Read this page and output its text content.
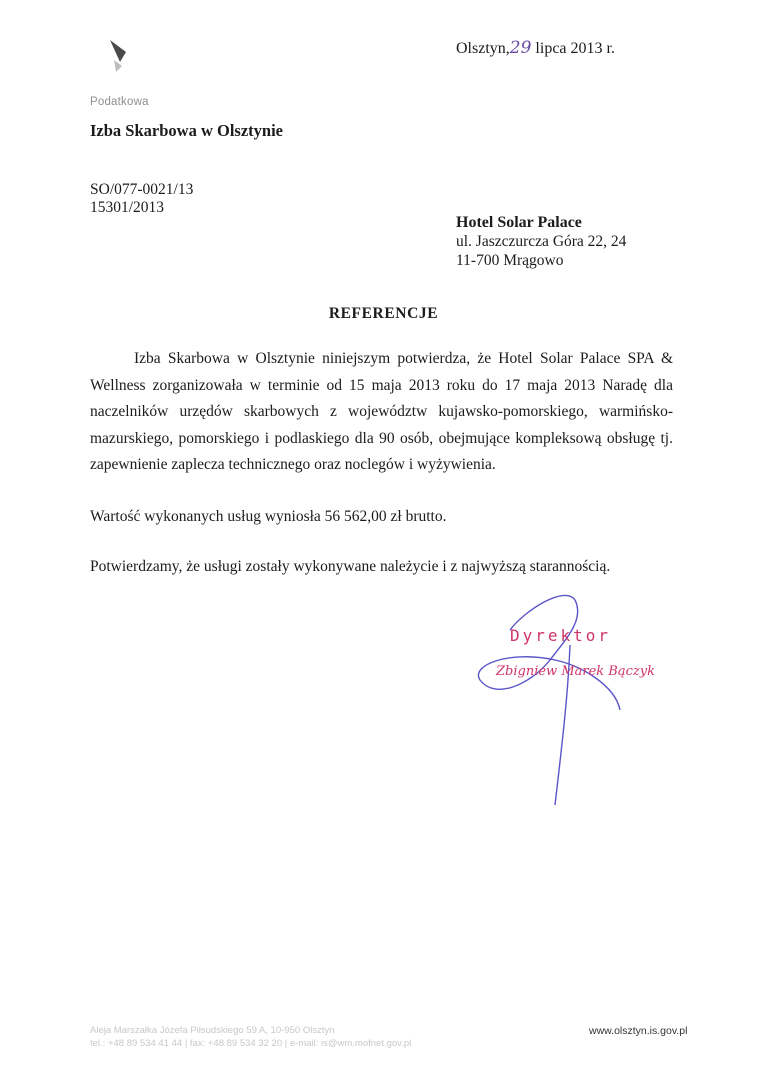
Olsztyn,29 lipca 2013 r.
Podatkowa
Izba Skarbowa w Olsztynie
SO/077-0021/13
15301/2013
Hotel Solar Palace
ul. Jaszczurcza Góra 22, 24
11-700 Mrągowo
REFERENCJE
Izba Skarbowa w Olsztynie niniejszym potwierdza, że Hotel Solar Palace SPA & Wellness zorganizowała w terminie od 15 maja 2013 roku do 17 maja 2013 Naradę dla naczelników urzędów skarbowych z województw kujawsko-pomorskiego, warmińsko-mazurskiego, pomorskiego i podlaskiego dla 90 osób, obejmujące kompleksową obsługę tj. zapewnienie zaplecza technicznego oraz noclegów i wyżywienia.
Wartość wykonanych usług wyniosła 56 562,00 zł brutto.
Potwierdzamy, że usługi zostały wykonywane należycie i z najwyższą starannością.
Dyrektor
Zbigniew Marek Bączyk
Aleja Marszałka Józefa Piłsudskiego 59 A, 10-950 Olsztyn
tel.: +48 89 534 41 44 | fax: +48 89 534 32 20 | e-mail: is@wm.mofnet.gov.pl
www.olsztyn.is.gov.pl
